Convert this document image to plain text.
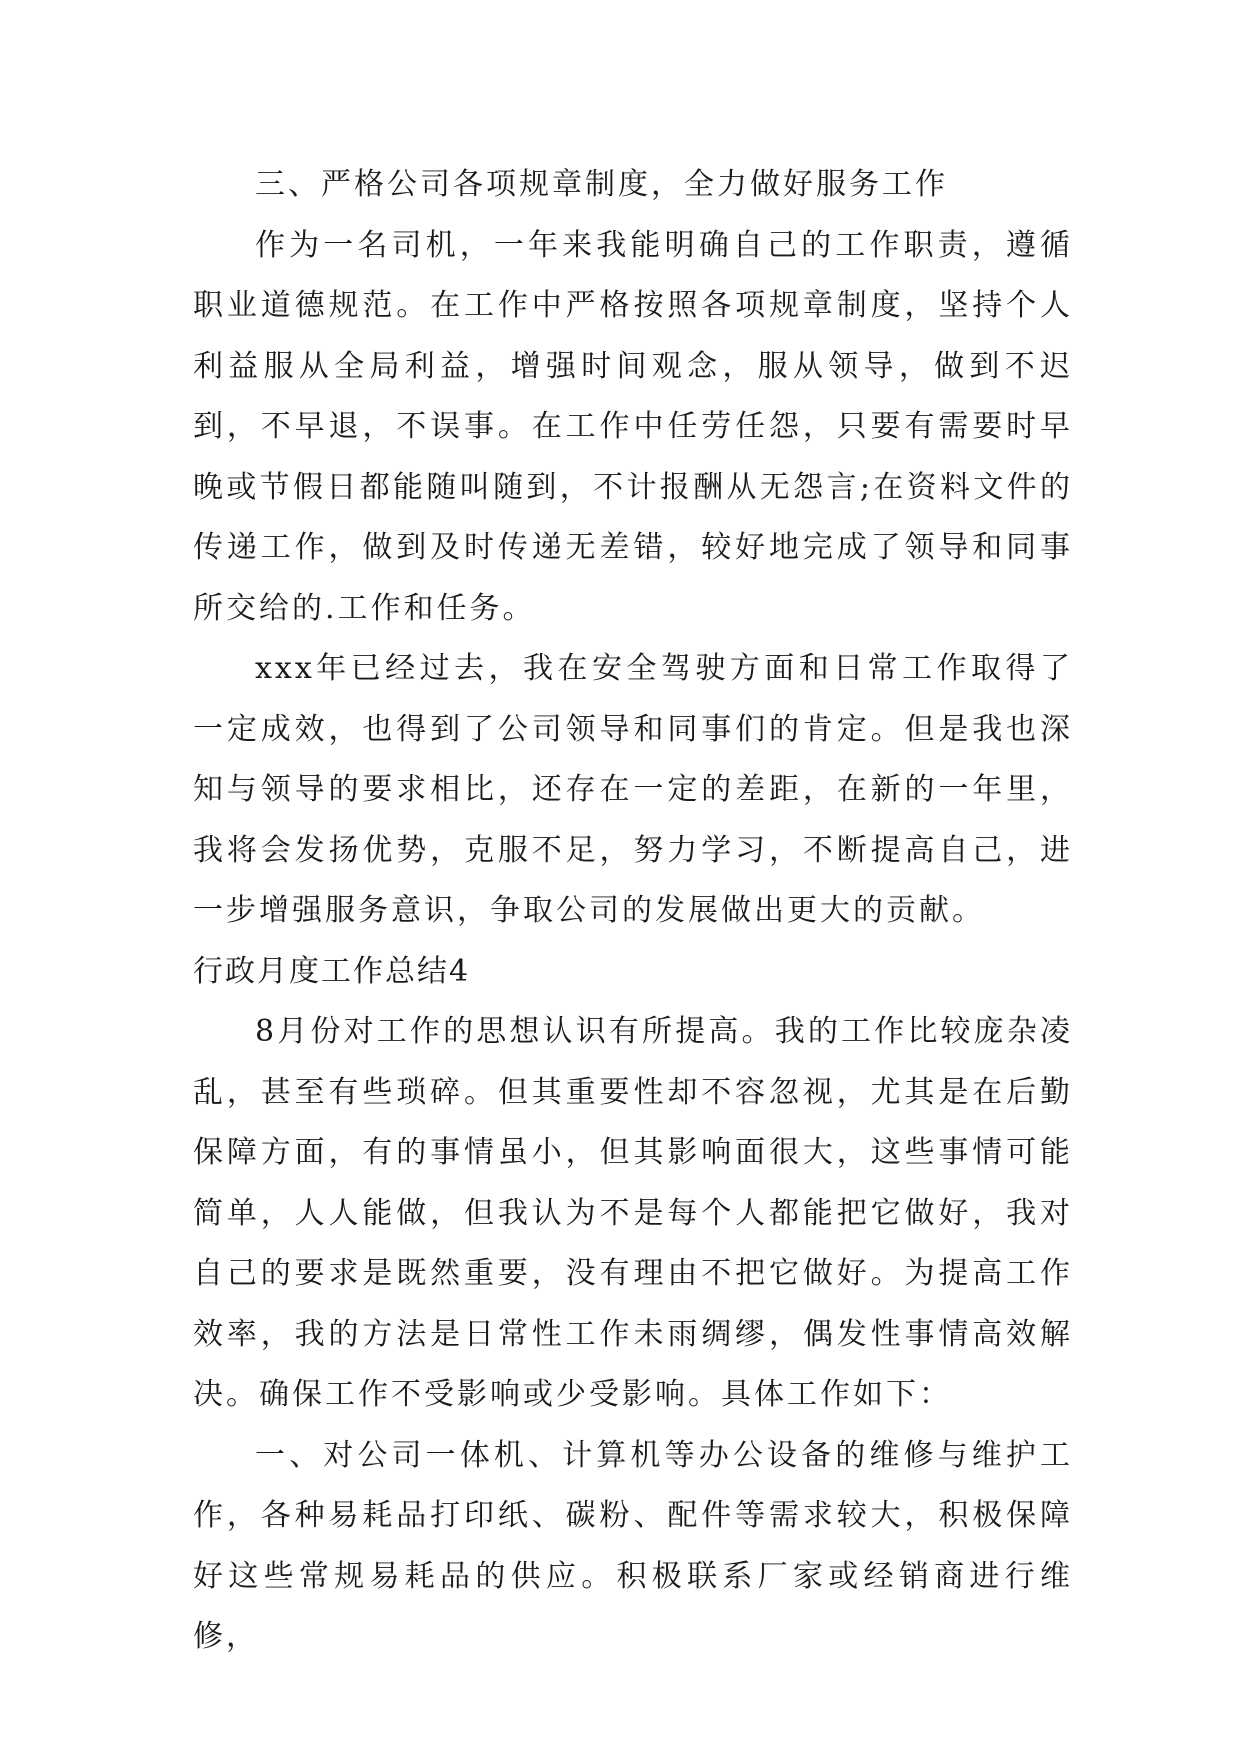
三、严格公司各项规章制度，全力做好服务工作

作为一名司机，一年来我能明确自己的工作职责，遵循职业道德规范。在工作中严格按照各项规章制度，坚持个人利益服从全局利益，增强时间观念，服从领导，做到不迟到，不早退，不误事。在工作中任劳任怨，只要有需要时早晚或节假日都能随叫随到，不计报酬从无怨言;在资料文件的传递工作，做到及时传递无差错，较好地完成了领导和同事所交给的.工作和任务。

xxx年已经过去，我在安全驾驶方面和日常工作取得了一定成效，也得到了公司领导和同事们的肯定。但是我也深知与领导的要求相比，还存在一定的差距，在新的一年里，我将会发扬优势，克服不足，努力学习，不断提高自己，进一步增强服务意识，争取公司的发展做出更大的贡献。

行政月度工作总结4

8月份对工作的思想认识有所提高。我的工作比较庞杂凌乱，甚至有些琐碎。但其重要性却不容忽视，尤其是在后勤保障方面，有的事情虽小，但其影响面很大，这些事情可能简单，人人能做，但我认为不是每个人都能把它做好，我对自己的要求是既然重要，没有理由不把它做好。为提高工作效率，我的方法是日常性工作未雨绸缪，偶发性事情高效解决。确保工作不受影响或少受影响。具体工作如下：

一、对公司一体机、计算机等办公设备的维修与维护工作，各种易耗品打印纸、碳粉、配件等需求较大，积极保障好这些常规易耗品的供应。积极联系厂家或经销商进行维修，
